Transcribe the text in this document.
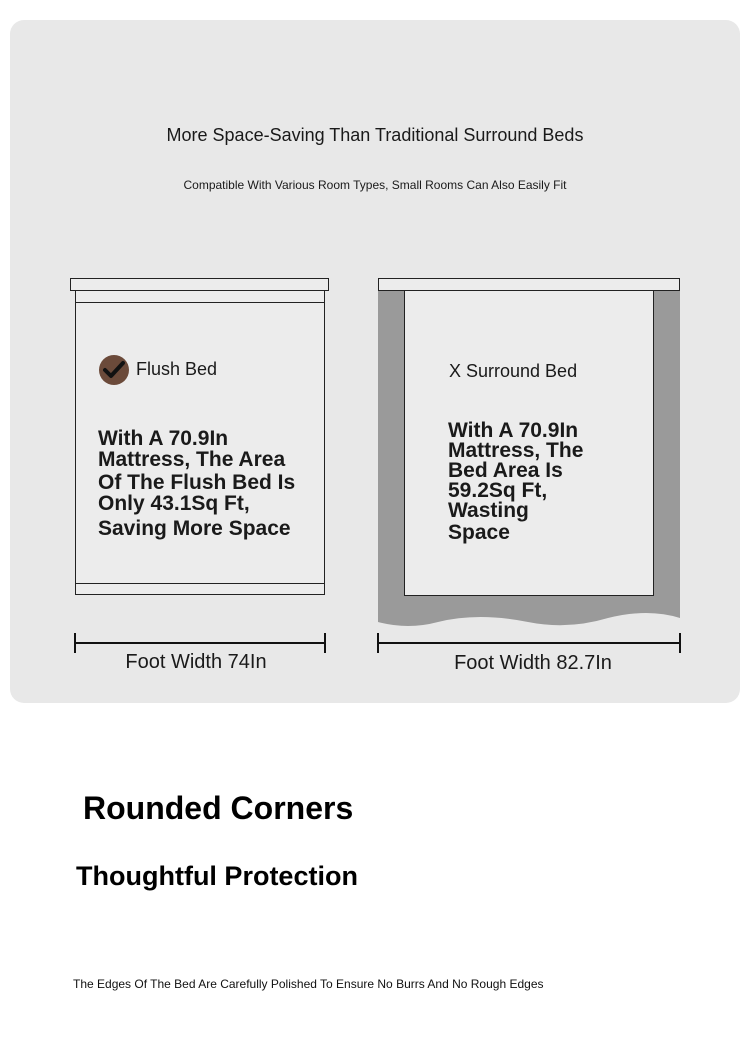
More Space-Saving Than Traditional Surround Beds
Compatible With Various Room Types, Small Rooms Can Also Easily Fit
Flush Bed
With A 70.9In
Mattress, The Area
Of The Flush Bed Is
Only 43.1Sq Ft,
Saving More Space
Foot Width 74In
X Surround Bed
With A 70.9In
Mattress, The
Bed Area Is
59.2Sq Ft,
Wasting
Space
Foot Width 82.7In
Rounded Corners
Thoughtful Protection
The Edges Of The Bed Are Carefully Polished To Ensure No Burrs And No Rough Edges
